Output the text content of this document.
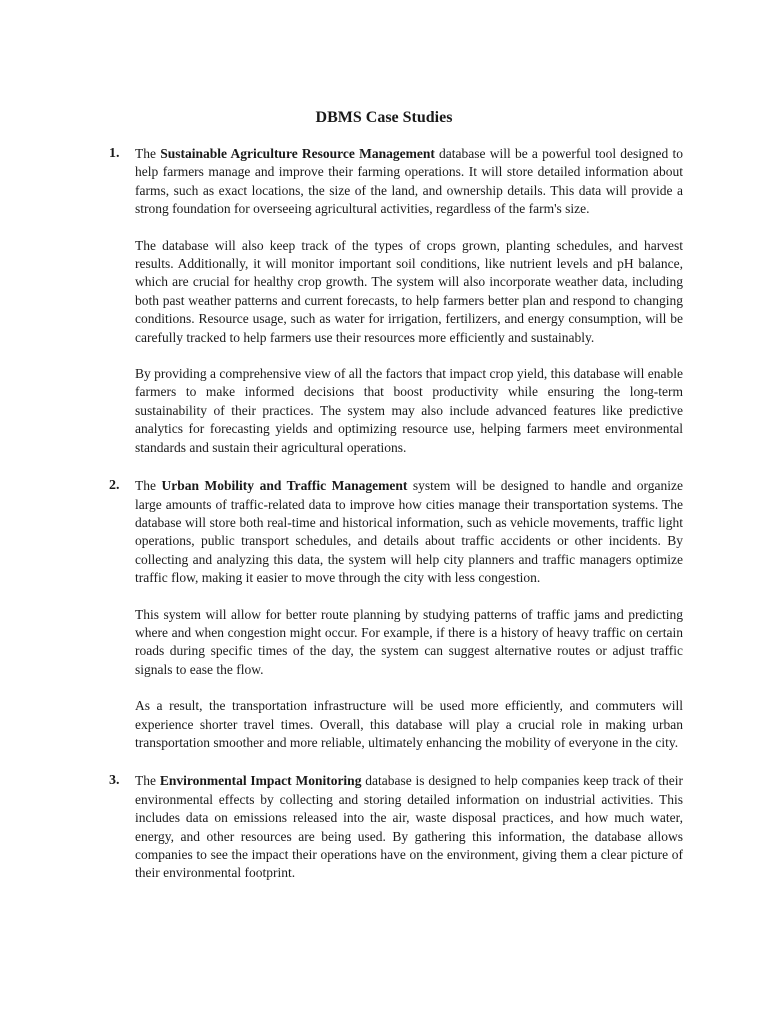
DBMS Case Studies
1. The Sustainable Agriculture Resource Management database will be a powerful tool designed to help farmers manage and improve their farming operations. It will store detailed information about farms, such as exact locations, the size of the land, and ownership details. This data will provide a strong foundation for overseeing agricultural activities, regardless of the farm's size.

The database will also keep track of the types of crops grown, planting schedules, and harvest results. Additionally, it will monitor important soil conditions, like nutrient levels and pH balance, which are crucial for healthy crop growth. The system will also incorporate weather data, including both past weather patterns and current forecasts, to help farmers better plan and respond to changing conditions. Resource usage, such as water for irrigation, fertilizers, and energy consumption, will be carefully tracked to help farmers use their resources more efficiently and sustainably.

By providing a comprehensive view of all the factors that impact crop yield, this database will enable farmers to make informed decisions that boost productivity while ensuring the long-term sustainability of their practices. The system may also include advanced features like predictive analytics for forecasting yields and optimizing resource use, helping farmers meet environmental standards and sustain their agricultural operations.

2. The Urban Mobility and Traffic Management system will be designed to handle and organize large amounts of traffic-related data to improve how cities manage their transportation systems. The database will store both real-time and historical information, such as vehicle movements, traffic light operations, public transport schedules, and details about traffic accidents or other incidents. By collecting and analyzing this data, the system will help city planners and traffic managers optimize traffic flow, making it easier to move through the city with less congestion.

This system will allow for better route planning by studying patterns of traffic jams and predicting where and when congestion might occur. For example, if there is a history of heavy traffic on certain roads during specific times of the day, the system can suggest alternative routes or adjust traffic signals to ease the flow.

As a result, the transportation infrastructure will be used more efficiently, and commuters will experience shorter travel times. Overall, this database will play a crucial role in making urban transportation smoother and more reliable, ultimately enhancing the mobility of everyone in the city.

3. The Environmental Impact Monitoring database is designed to help companies keep track of their environmental effects by collecting and storing detailed information on industrial activities. This includes data on emissions released into the air, waste disposal practices, and how much water, energy, and other resources are being used. By gathering this information, the database allows companies to see the impact their operations have on the environment, giving them a clear picture of their environmental footprint.
